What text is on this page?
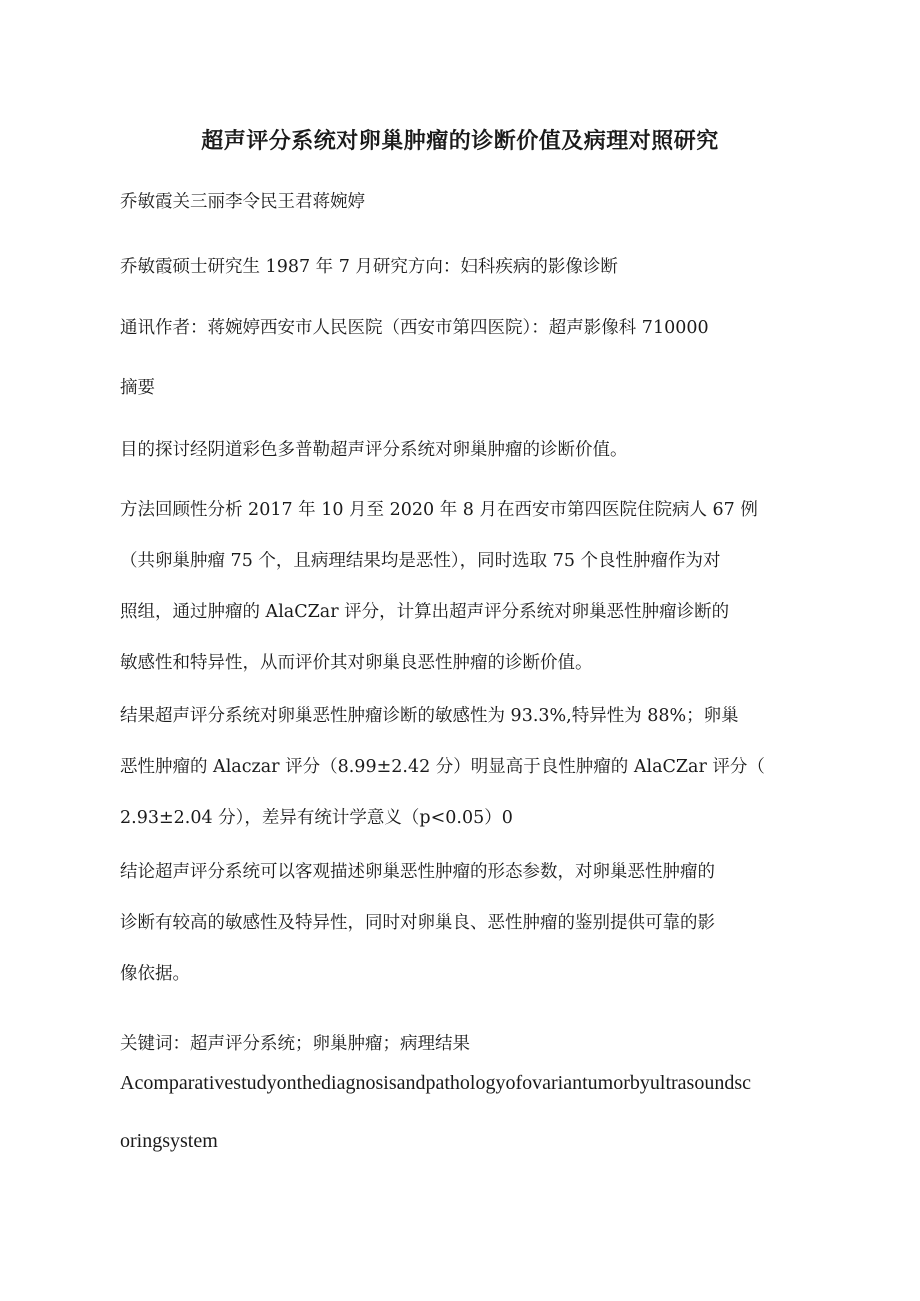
超声评分系统对卵巢肿瘤的诊断价值及病理对照研究
乔敏霞关三丽李令民王君蒋婉婷
乔敏霞硕士研究生 1987 年 7 月研究方向：妇科疾病的影像诊断
通讯作者：蒋婉婷西安市人民医院（西安市第四医院）：超声影像科 710000
摘要
目的探讨经阴道彩色多普勒超声评分系统对卵巢肿瘤的诊断价值。
方法回顾性分析 2017 年 10 月至 2020 年 8 月在西安市第四医院住院病人 67 例
（共卵巢肿瘤 75 个，且病理结果均是恶性），同时选取 75 个良性肿瘤作为对
照组，通过肿瘤的 AlaCZar 评分，计算出超声评分系统对卵巢恶性肿瘤诊断的
敏感性和特异性，从而评价其对卵巢良恶性肿瘤的诊断价值。
结果超声评分系统对卵巢恶性肿瘤诊断的敏感性为 93.3%,特异性为 88%；卵巢
恶性肿瘤的 Alaczar 评分（8.99±2.42 分）明显高于良性肿瘤的 AlaCZar 评分（
2.93±2.04 分），差异有统计学意义（p<0.05）0
结论超声评分系统可以客观描述卵巢恶性肿瘤的形态参数，对卵巢恶性肿瘤的
诊断有较高的敏感性及特异性，同时对卵巢良、恶性肿瘤的鉴别提供可靠的影
像依据。
关键词：超声评分系统；卵巢肿瘤；病理结果
Acomparativestudyonthediagnosisandpathologyofovariantumorbyultrasoundsc
oringsystem
